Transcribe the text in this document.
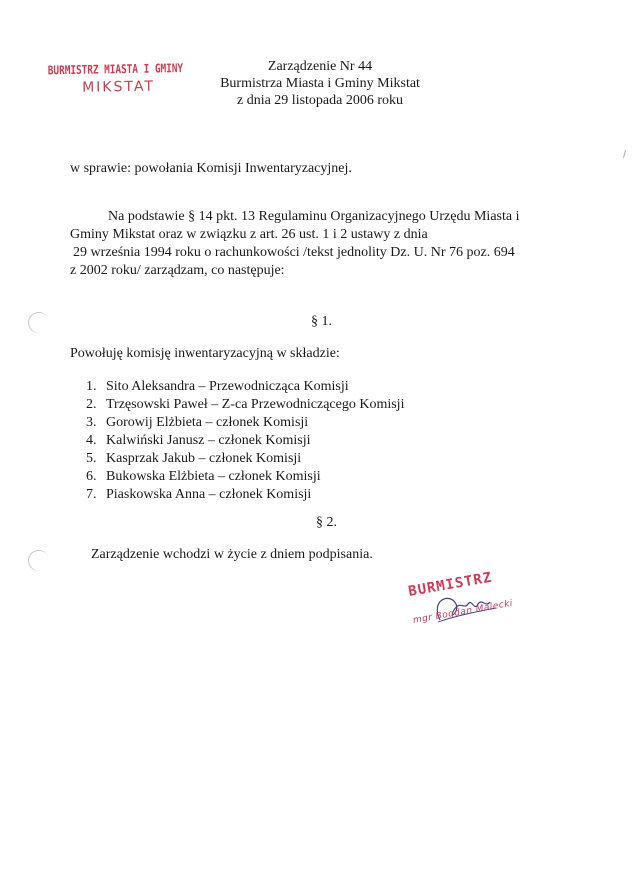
BURMISTRZ MIASTA I GMINY
MIKSTAT
Zarządzenie Nr 44
Burmistrza Miasta i Gminy Mikstat
z dnia 29 listopada 2006 roku
w sprawie: powołania Komisji Inwentaryzacyjnej.
Na podstawie § 14 pkt. 13 Regulaminu Organizacyjnego Urzędu Miasta i
Gminy Mikstat oraz w związku z art. 26 ust. 1 i 2 ustawy z dnia
29 września 1994 roku o rachunkowości /tekst jednolity Dz. U. Nr 76 poz. 694
z 2002 roku/ zarządzam, co następuje:
§ 1.
Powołuję komisję inwentaryzacyjną w składzie:
1. Sito Aleksandra – Przewodnicząca Komisji
2. Trzęsowski Paweł – Z-ca Przewodniczącego Komisji
3. Gorowij Elżbieta – członek Komisji
4. Kalwiński Janusz – członek Komisji
5. Kasprzak Jakub – członek Komisji
6. Bukowska Elżbieta – członek Komisji
7. Piaskowska Anna – członek Komisji
§ 2.
Zarządzenie wchodzi w życie z dniem podpisania.
BURMISTRZ
mgr Bogdan Malecki
